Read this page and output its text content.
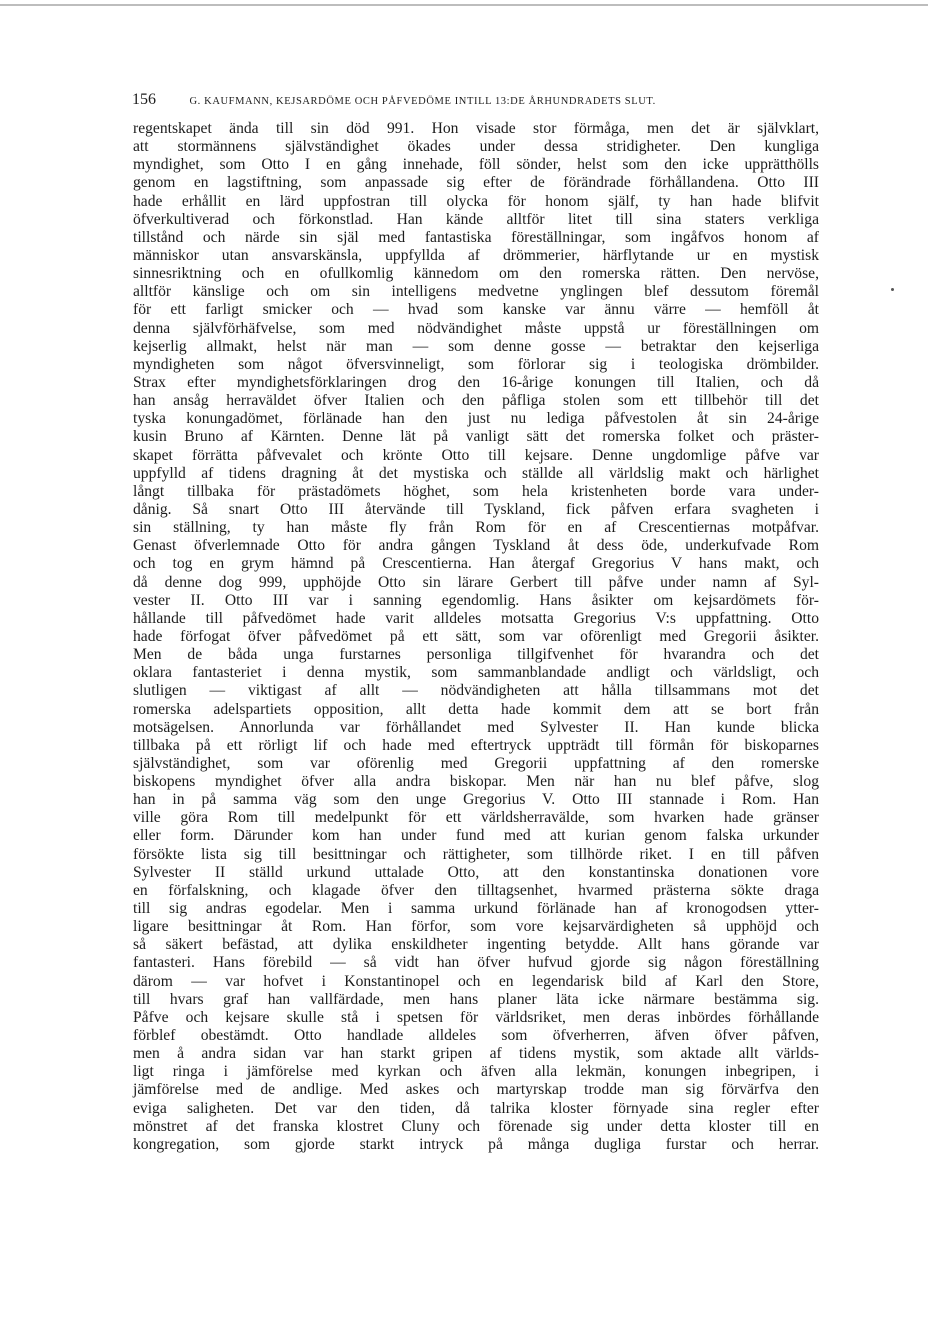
156	G. KAUFMANN, KEJSARDÖME OCH PÅFVEDÖME INTILL 13:DE ÅRHUNDRADETS SLUT.
regentskapet ända till sin död 991. Hon visade stor förmåga, men det är självklart,
att stormännens självständighet ökades under dessa stridigheter. Den kungliga
myndighet, som Otto I en gång innehade, föll sönder, helst som den icke upprätthölls
genom en lagstiftning, som anpassade sig efter de förändrade förhållandena. Otto III
hade erhållit en lärd uppfostran till olycka för honom själf, ty han hade blifvit
öfverkultiverad och förkonstlad. Han kände alltför litet till sina staters verkliga
tillstånd och närde sin själ med fantastiska föreställningar, som ingåfvos honom af
människor utan ansvarskänsla, uppfyllda af drömmerier, härflytande ur en mystisk
sinnesriktning och en ofullkomlig kännedom om den romerska rätten. Den nervöse,
alltför känslige och om sin intelligens medvetne ynglingen blef dessutom föremål
för ett farligt smicker och — hvad som kanske var ännu värre — hemföll åt
denna självförhäfvelse, som med nödvändighet måste uppstå ur föreställningen om
kejserlig allmakt, helst när man — som denne gosse — betraktar den kejserliga
myndigheten som något öfversvinneligt, som förlorar sig i teologiska drömbilder.
Strax efter myndighetsförklaringen drog den 16-årige konungen till Italien, och då
han ansåg herraväldet öfver Italien och den påfliga stolen som ett tillbehör till det
tyska konungadömet, förlänade han den just nu lediga påfvestolen åt sin 24-årige
kusin Bruno af Kärnten. Denne lät på vanligt sätt det romerska folket och präster-
skapet förrätta påfvevalet och krönte Otto till kejsare. Denne ungdomlige påfve var
uppfylld af tidens dragning åt det mystiska och ställde all världslig makt och härlighet
långt tillbaka för prästadömets höghet, som hela kristenheten borde vara under-
dånig. Så snart Otto III återvände till Tyskland, fick påfven erfara svagheten i
sin ställning, ty han måste fly från Rom för en af Crescentiernas motpåfvar.
Genast öfverlemnade Otto för andra gången Tyskland åt dess öde, underkufvade Rom
och tog en grym hämnd på Crescentierna. Han återgaf Gregorius V hans makt, och
då denne dog 999, upphöjde Otto sin lärare Gerbert till påfve under namn af Syl-
vester II. Otto III var i sanning egendomlig. Hans åsikter om kejsardömets för-
hållande till påfvedömet hade varit alldeles motsatta Gregorius V:s uppfattning. Otto
hade förfogat öfver påfvedömet på ett sätt, som var oförenligt med Gregorii åsikter.
Men de båda unga furstarnes personliga tillgifvenhet för hvarandra och det
oklara fantasteriet i denna mystik, som sammanblandade andligt och världsligt, och
slutligen — viktigast af allt — nödvändigheten att hålla tillsammans mot det
romerska adelspartiets opposition, allt detta hade kommit dem att se bort från
motsägelsen. Annorlunda var förhållandet med Sylvester II. Han kunde blicka
tillbaka på ett rörligt lif och hade med eftertryck uppträdt till förmån för biskoparnes
självständighet, som var oförenlig med Gregorii uppfattning af den romerske
biskopens myndighet öfver alla andra biskopar. Men när han nu blef påfve, slog
han in på samma väg som den unge Gregorius V. Otto III stannade i Rom. Han
ville göra Rom till medelpunkt för ett världsherravälde, som hvarken hade gränser
eller form. Därunder kom han under fund med att kurian genom falska urkunder
försökte lista sig till besittningar och rättigheter, som tillhörde riket. I en till påfven
Sylvester II ställd urkund uttalade Otto, att den konstantinska donationen vore
en förfalskning, och klagade öfver den tilltagsenhet, hvarmed prästerna sökte draga
till sig andras egodelar. Men i samma urkund förlänade han af kronogodsen ytter-
ligare besittningar åt Rom. Han förfor, som vore kejsarvärdigheten så upphöjd och
så säkert befästad, att dylika enskildheter ingenting betydde. Allt hans görande var
fantasteri. Hans förebild — så vidt han öfver hufvud gjorde sig någon föreställning
därom — var hofvet i Konstantinopel och en legendarisk bild af Karl den Store,
till hvars graf han vallfärdade, men hans planer läta icke närmare bestämma sig.
Påfve och kejsare skulle stå i spetsen för världsriket, men deras inbördes förhållande
förblef obestämdt. Otto handlade alldeles som öfverherren, äfven öfver påfven,
men å andra sidan var han starkt gripen af tidens mystik, som aktade allt världs-
ligt ringa i jämförelse med kyrkan och äfven alla lekmän, konungen inbegripen, i
jämförelse med de andlige. Med askes och martyrskap trodde man sig förvärfva den
eviga saligheten. Det var den tiden, då talrika kloster förnyade sina regler efter
mönstret af det franska klostret Cluny och förenade sig under detta kloster till en
kongregation, som gjorde starkt intryck på många dugliga furstar och herrar.
